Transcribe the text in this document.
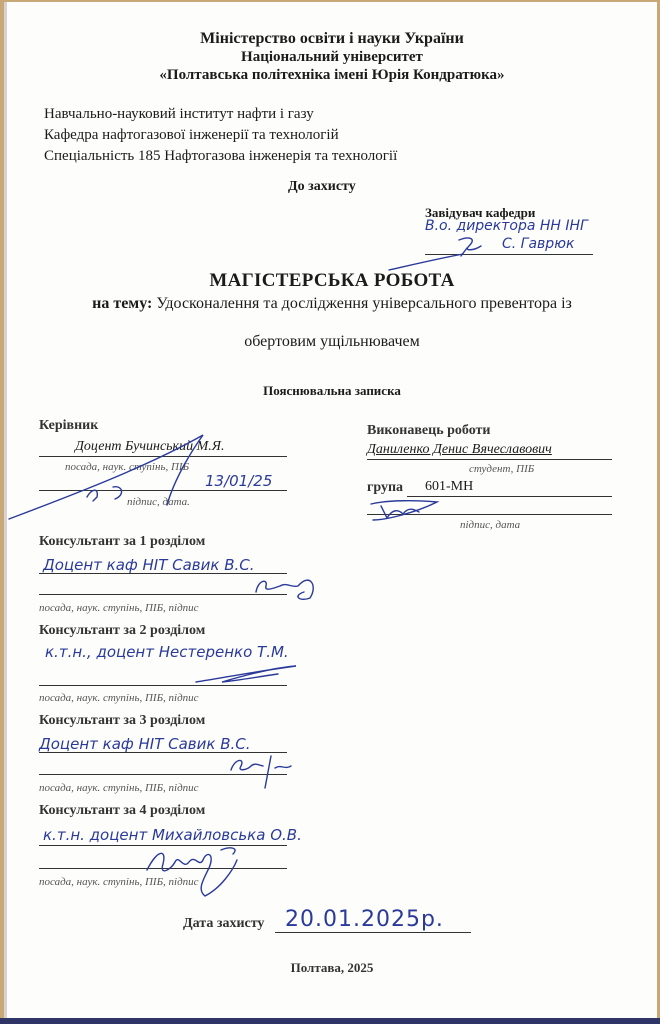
Міністерство освіти і науки України
Національний університет
«Полтавська політехніка імені Юрія Кондратюка»
Навчально-науковий інститут нафти і газу
Кафедра нафтогазової інженерії та технологій
Спеціальність 185 Нафтогазова інженерія та технології
До захисту
Завідувач кафедри
В.о. директора НН ІНГ
С. Гаврюк
МАГІСТЕРСЬКА РОБОТА
на тему: Удосконалення та дослідження універсального превентора із
обертовим ущільнювачем
Пояснювальна записка
Керівник
Доцент Бучинський М.Я.
посада, наук. ступінь, ПІБ
13/01/25
підпис, дата.
Виконавець роботи
Даниленко Денис Вячеславович
студент, ПІБ
група 601-МН
підпис, дата
Консультант за 1 розділом
Доцент каф НІТ Савик В.С.
посада, наук. ступінь, ПІБ, підпис
Консультант за 2 розділом
к.т.н., доцент Нестеренко Т.М.
посада, наук. ступінь, ПІБ, підпис
Консультант за 3 розділом
Доцент каф НІТ Савик В.С.
посада, наук. ступінь, ПІБ, підпис
Консультант за 4 розділом
к.т.н. доцент Михайловська О.В.
посада, наук. ступінь, ПІБ, підпис
Дата захисту 20.01.2025р.
Полтава, 2025
